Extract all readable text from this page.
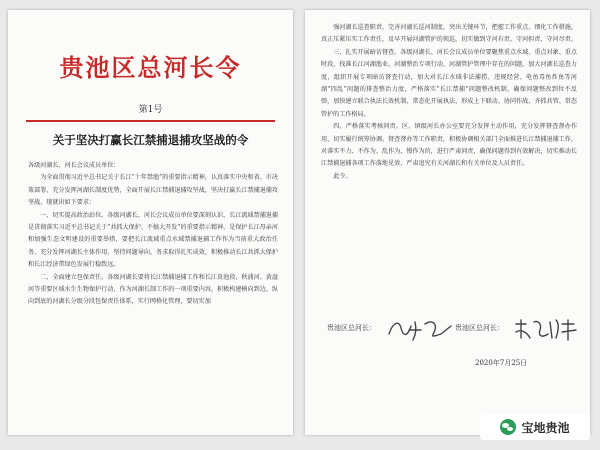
贵池区总河长令
第1号
关于坚决打赢长江禁捕退捕攻坚战的令

各级河湖长、河长会议成员单位：

为全面贯彻习近平总书记关于长江“十年禁渔”的重要指示精神，认真落实中央和省、市决策部署，充分发挥河湖长制度优势，全面开展长江禁捕退捕攻坚战，坚决打赢长江禁捕退捕攻坚战，现就出如下要求：

一、切实提高政治站位。各级河湖长、河长会议成员单位要深刻认识，长江流域禁捕退捕是贯彻落实习近平总书记关于“共抓大保护、不搞大开发”的重要指示精神，是保护长江母亲河和加强生态文明建设的重要举措，要把长江流域重点水域禁捕退捕工作作为当前重大政治任务，充分发挥河湖长主体作用，坚持问题导向，务求取得扎实成效，积极推动长江共抓大保护和长江经济带绿色发展行稳致远。

二、全面建立包保责任。各级河湖长要将长江禁捕退捕工作和长江贵池段、秋浦河、黄湓河等重要区域水生生物保护行动，作为河湖长制工作的一项重要内容，积极构建横向到边、纵向到底的河湖长分级分段包保责任体系，实行网格化管理，要切实加

强河湖长巡查职责，完善河湖长巡河制度，突出关键环节，把握工作重点，细化工作措施，真正压紧压实工作责任，及早开展河湖管护的领巡，切实做到守河有责、守河担责、守河尽责。

三、扎实开展暗访督查。各级河湖长、河长会议成员单位要聚焦重点水域、重点对象、重点时段，找准长江河湖渔业、河湖整治专项行动、河湖管护管理中存在的问题，加大河湖长巡查力度，组织开展专项暗访督查行动，加大对长江水域非法捕捞、违规经营、电鱼毒鱼炸鱼等河湖“四乱”问题的排查整治力度，严格落实“长江禁捕”问题整改机制，确保问题整改到位不反弹，加快建立联合执法长效机制，常态化开展执法，形成上下联动、协同作战、齐抓共管、常态管护的工作格局。

四、严格落实考核问责。区、镇级河长办公室要充分发挥主动作用，充分发挥督查督办作用，切实履行统筹协调、督查督办等工作职责，积极协调相关部门全面推进长江禁捕退捕工作，对落实不力、不作为、乱作为、慢作为的，进行严肃问责，确保问题得到有效解决，切实推动长江禁捕退捕各项工作落地见效，严肃追究有关河湖长和有关单位及人员责任。

此令。

贵池区总河长：	贵池区总河长：
2020年7月25日
宝地贵池
